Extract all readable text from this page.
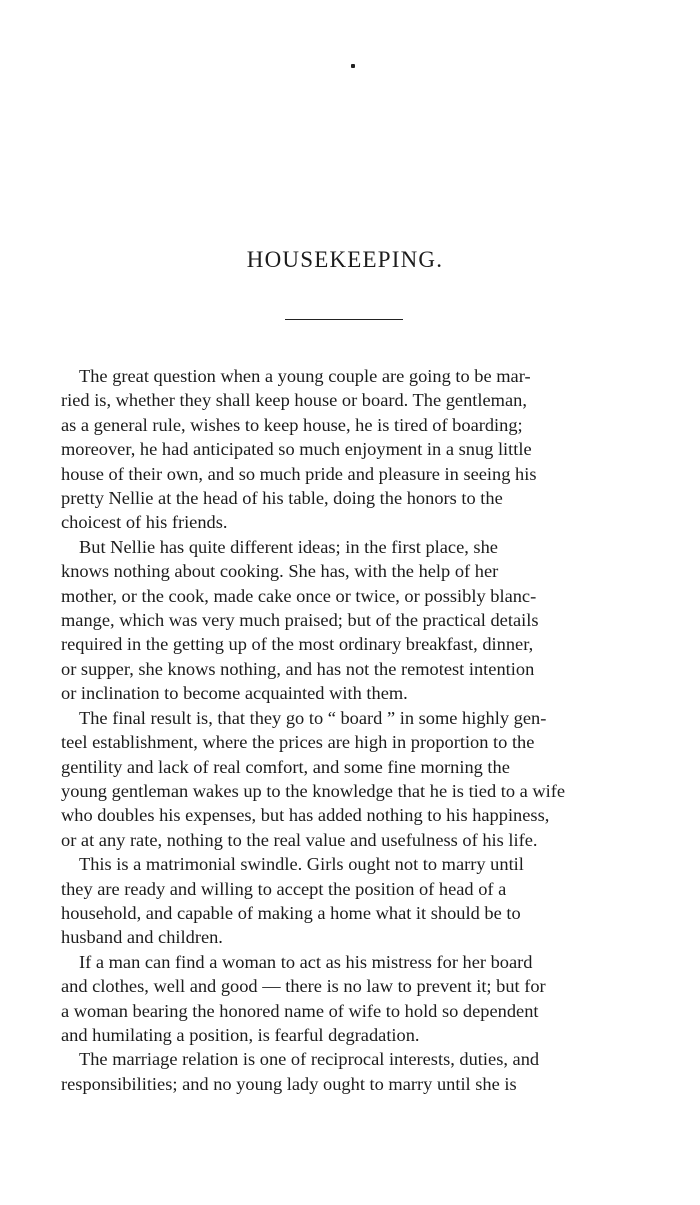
HOUSEKEEPING.

The great question when a young couple are going to be mar-
ried is, whether they shall keep house or board. The gentleman,
as a general rule, wishes to keep house, he is tired of boarding;
moreover, he had anticipated so much enjoyment in a snug little
house of their own, and so much pride and pleasure in seeing his
pretty Nellie at the head of his table, doing the honors to the
choicest of his friends.

But Nellie has quite different ideas; in the first place, she
knows nothing about cooking. She has, with the help of her
mother, or the cook, made cake once or twice, or possibly blanc-
mange, which was very much praised; but of the practical details
required in the getting up of the most ordinary breakfast, dinner,
or supper, she knows nothing, and has not the remotest intention
or inclination to become acquainted with them.

The final result is, that they go to “ board ” in some highly gen-
teel establishment, where the prices are high in proportion to the
gentility and lack of real comfort, and some fine morning the
young gentleman wakes up to the knowledge that he is tied to a wife
who doubles his expenses, but has added nothing to his happiness,
or at any rate, nothing to the real value and usefulness of his life.

This is a matrimonial swindle. Girls ought not to marry until
they are ready and willing to accept the position of head of a
household, and capable of making a home what it should be to
husband and children.

If a man can find a woman to act as his mistress for her board
and clothes, well and good — there is no law to prevent it; but for
a woman bearing the honored name of wife to hold so dependent
and humilating a position, is fearful degradation.

The marriage relation is one of reciprocal interests, duties, and
responsibilities; and no young lady ought to marry until she is
